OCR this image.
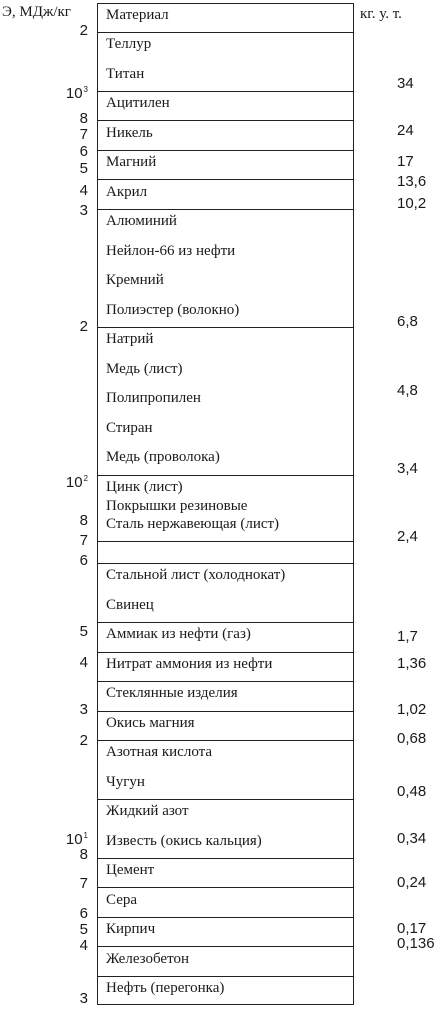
Э, МДж/кг	кг. у. т.
2
$10^3$
8
7
6
5
4
3
2
$10^2$
8
7
6
5
4
3
2
$10^1$
8
7
6
5
4
3
34
24
17
13,6
10,2
6,8
4,8
3,4
2,4
1,7
1,36
1,02
0,68
0,48
0,34
0,24
0,17
0,136
Материал
Теллур
Титан
Ацитилен
Никель
Магний
Акрил
Алюминий
Нейлон-66 из нефти
Кремний
Полиэстер (волокно)
Натрий
Медь (лист)
Полипропилен
Стиран
Медь (проволока)
Цинк (лист)
Покрышки резиновые
Сталь нержавеющая (лист)
Стальной лист (холоднокат)
Свинец
Аммиак из нефти (газ)
Нитрат аммония из нефти
Стеклянные изделия
Окись магния
Азотная кислота
Чугун
Жидкий азот
Известь (окись кальция)
Цемент
Сера
Кирпич
Железобетон
Нефть (перегонка)
